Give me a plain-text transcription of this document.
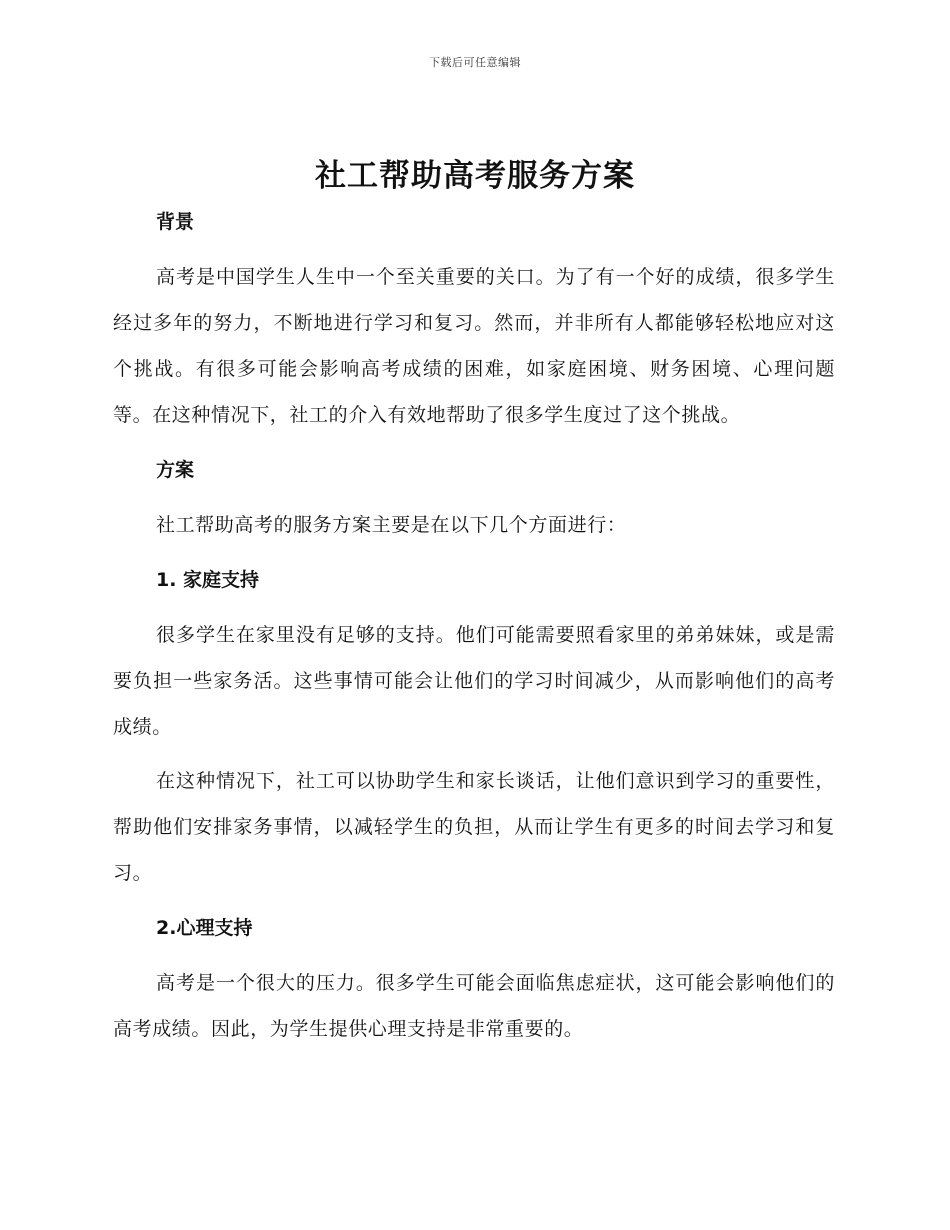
下载后可任意编辑
社工帮助高考服务方案
背景

高考是中国学生人生中一个至关重要的关口。为了有一个好的成绩，很多学生经过多年的努力，不断地进行学习和复习。然而，并非所有人都能够轻松地应对这个挑战。有很多可能会影响高考成绩的困难，如家庭困境、财务困境、心理问题等。在这种情况下，社工的介入有效地帮助了很多学生度过了这个挑战。

方案

社工帮助高考的服务方案主要是在以下几个方面进行：

1. 家庭支持

很多学生在家里没有足够的支持。他们可能需要照看家里的弟弟妹妹，或是需要负担一些家务活。这些事情可能会让他们的学习时间减少，从而影响他们的高考成绩。

在这种情况下，社工可以协助学生和家长谈话，让他们意识到学习的重要性，帮助他们安排家务事情，以减轻学生的负担，从而让学生有更多的时间去学习和复习。

2.心理支持

高考是一个很大的压力。很多学生可能会面临焦虑症状，这可能会影响他们的高考成绩。因此，为学生提供心理支持是非常重要的。
